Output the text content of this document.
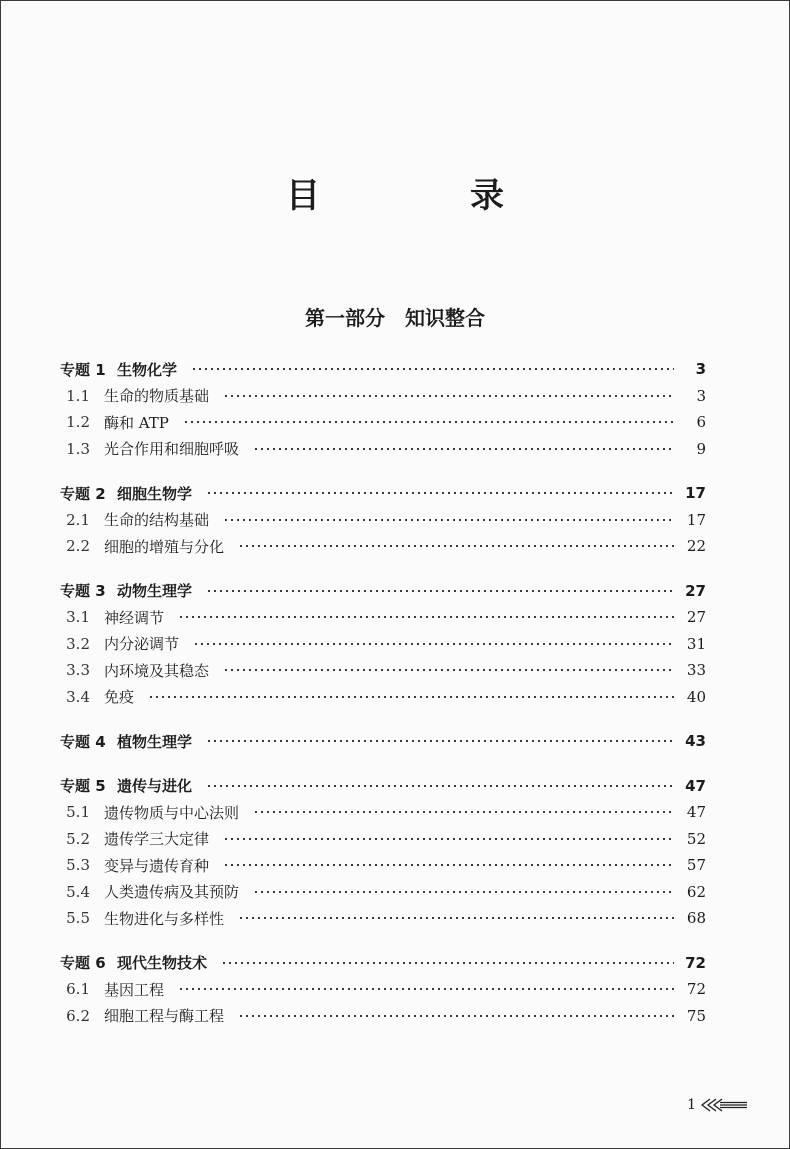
目　录
第一部分　知识整合
专题 1 生物化学	3
1.1 生命的物质基础	3
1.2 酶和 ATP	6
1.3 光合作用和细胞呼吸	9
专题 2 细胞生物学	17
2.1 生命的结构基础	17
2.2 细胞的增殖与分化	22
专题 3 动物生理学	27
3.1 神经调节	27
3.2 内分泌调节	31
3.3 内环境及其稳态	33
3.4 免疫	40
专题 4 植物生理学	43
专题 5 遗传与进化	47
5.1 遗传物质与中心法则	47
5.2 遗传学三大定律	52
5.3 变异与遗传育种	57
5.4 人类遗传病及其预防	62
5.5 生物进化与多样性	68
专题 6 现代生物技术	72
6.1 基因工程	72
6.2 细胞工程与酶工程	75
1
